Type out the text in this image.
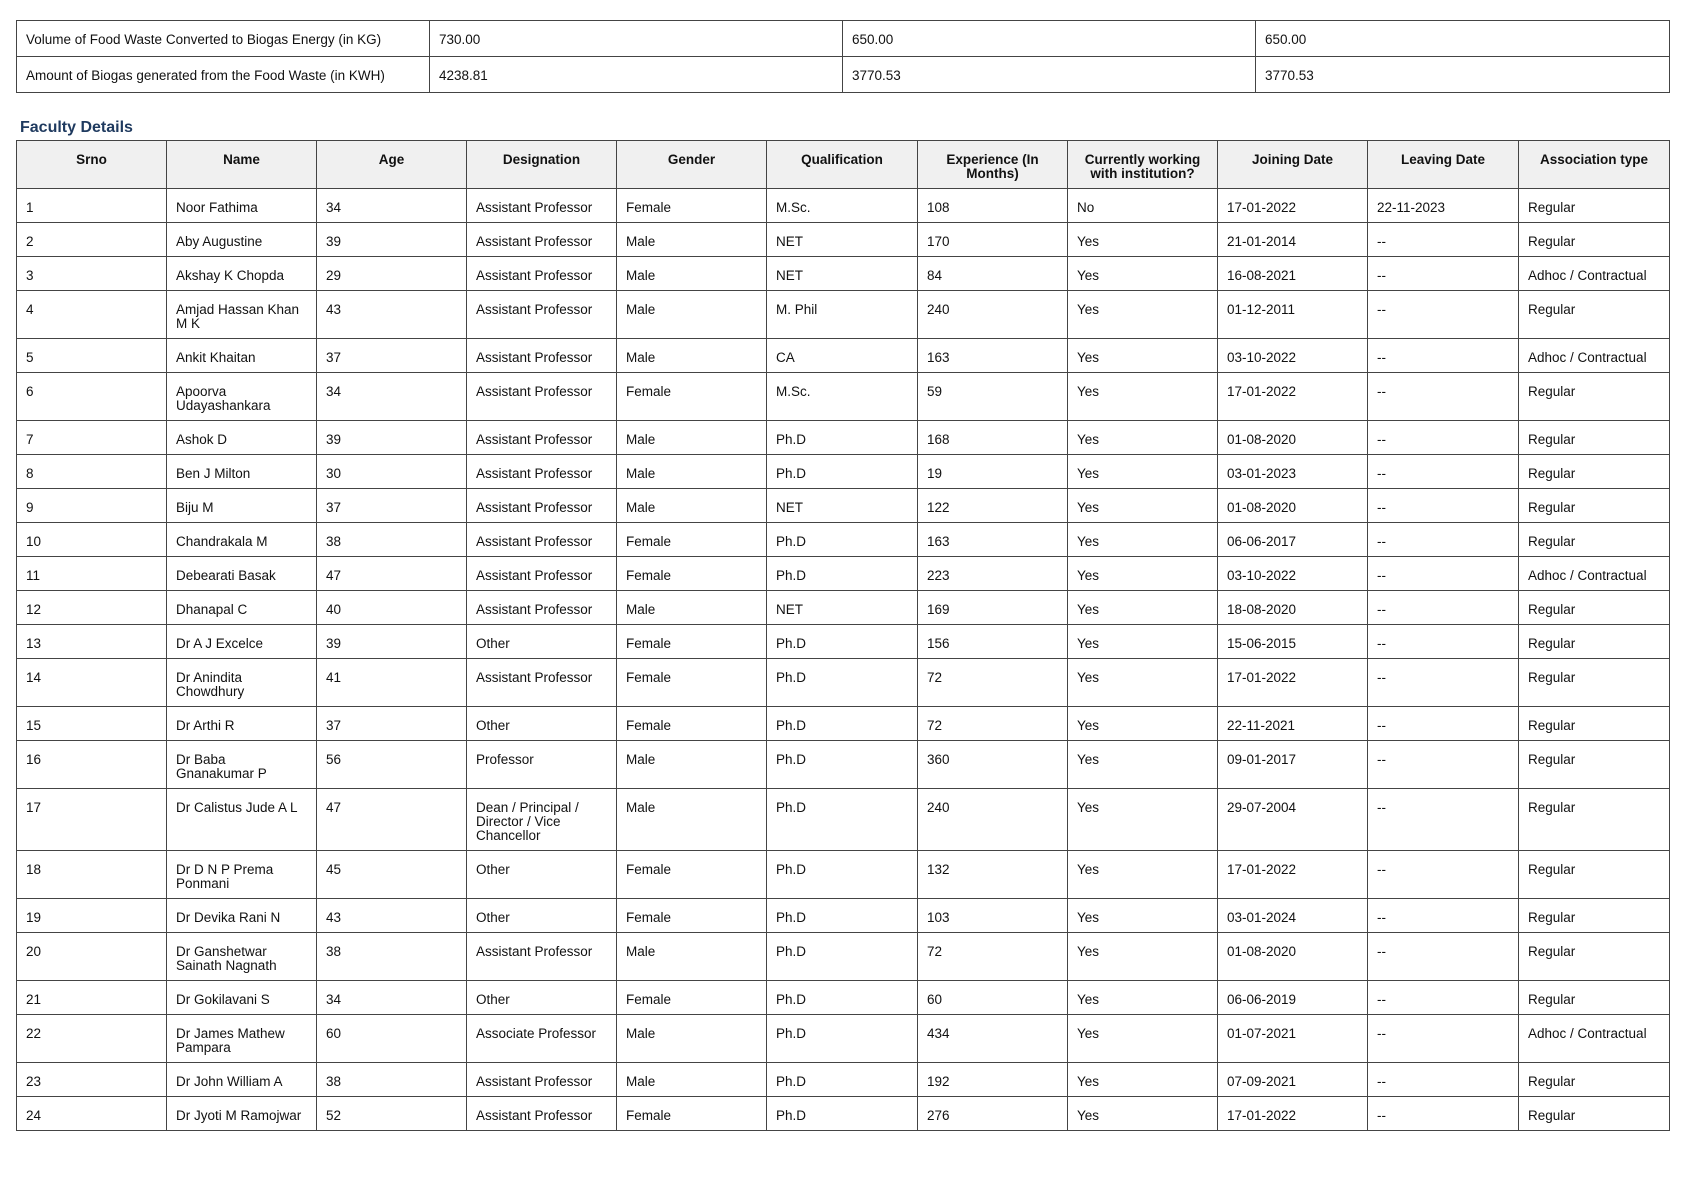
Volume of Food Waste Converted to Biogas Energy (in KG)	730.00	650.00	650.00
Amount of Biogas generated from the Food Waste (in KWH)	4238.81	3770.53	3770.53
Faculty Details
Srno	Name	Age	Designation	Gender	Qualification	Experience (In Months)	Currently working with institution?	Joining Date	Leaving Date	Association type
1	Noor Fathima	34	Assistant Professor	Female	M.Sc.	108	No	17-01-2022	22-11-2023	Regular
2	Aby Augustine	39	Assistant Professor	Male	NET	170	Yes	21-01-2014	--	Regular
3	Akshay K Chopda	29	Assistant Professor	Male	NET	84	Yes	16-08-2021	--	Adhoc / Contractual
4	Amjad Hassan Khan M K	43	Assistant Professor	Male	M. Phil	240	Yes	01-12-2011	--	Regular
5	Ankit Khaitan	37	Assistant Professor	Male	CA	163	Yes	03-10-2022	--	Adhoc / Contractual
6	Apoorva Udayashankara	34	Assistant Professor	Female	M.Sc.	59	Yes	17-01-2022	--	Regular
7	Ashok D	39	Assistant Professor	Male	Ph.D	168	Yes	01-08-2020	--	Regular
8	Ben J Milton	30	Assistant Professor	Male	Ph.D	19	Yes	03-01-2023	--	Regular
9	Biju M	37	Assistant Professor	Male	NET	122	Yes	01-08-2020	--	Regular
10	Chandrakala M	38	Assistant Professor	Female	Ph.D	163	Yes	06-06-2017	--	Regular
11	Debearati Basak	47	Assistant Professor	Female	Ph.D	223	Yes	03-10-2022	--	Adhoc / Contractual
12	Dhanapal C	40	Assistant Professor	Male	NET	169	Yes	18-08-2020	--	Regular
13	Dr A J Excelce	39	Other	Female	Ph.D	156	Yes	15-06-2015	--	Regular
14	Dr Anindita Chowdhury	41	Assistant Professor	Female	Ph.D	72	Yes	17-01-2022	--	Regular
15	Dr Arthi R	37	Other	Female	Ph.D	72	Yes	22-11-2021	--	Regular
16	Dr Baba Gnanakumar P	56	Professor	Male	Ph.D	360	Yes	09-01-2017	--	Regular
17	Dr Calistus Jude A L	47	Dean / Principal / Director / Vice Chancellor	Male	Ph.D	240	Yes	29-07-2004	--	Regular
18	Dr D N P Prema Ponmani	45	Other	Female	Ph.D	132	Yes	17-01-2022	--	Regular
19	Dr Devika Rani N	43	Other	Female	Ph.D	103	Yes	03-01-2024	--	Regular
20	Dr Ganshetwar Sainath Nagnath	38	Assistant Professor	Male	Ph.D	72	Yes	01-08-2020	--	Regular
21	Dr Gokilavani S	34	Other	Female	Ph.D	60	Yes	06-06-2019	--	Regular
22	Dr James Mathew Pampara	60	Associate Professor	Male	Ph.D	434	Yes	01-07-2021	--	Adhoc / Contractual
23	Dr John William A	38	Assistant Professor	Male	Ph.D	192	Yes	07-09-2021	--	Regular
24	Dr Jyoti M Ramojwar	52	Assistant Professor	Female	Ph.D	276	Yes	17-01-2022	--	Regular
